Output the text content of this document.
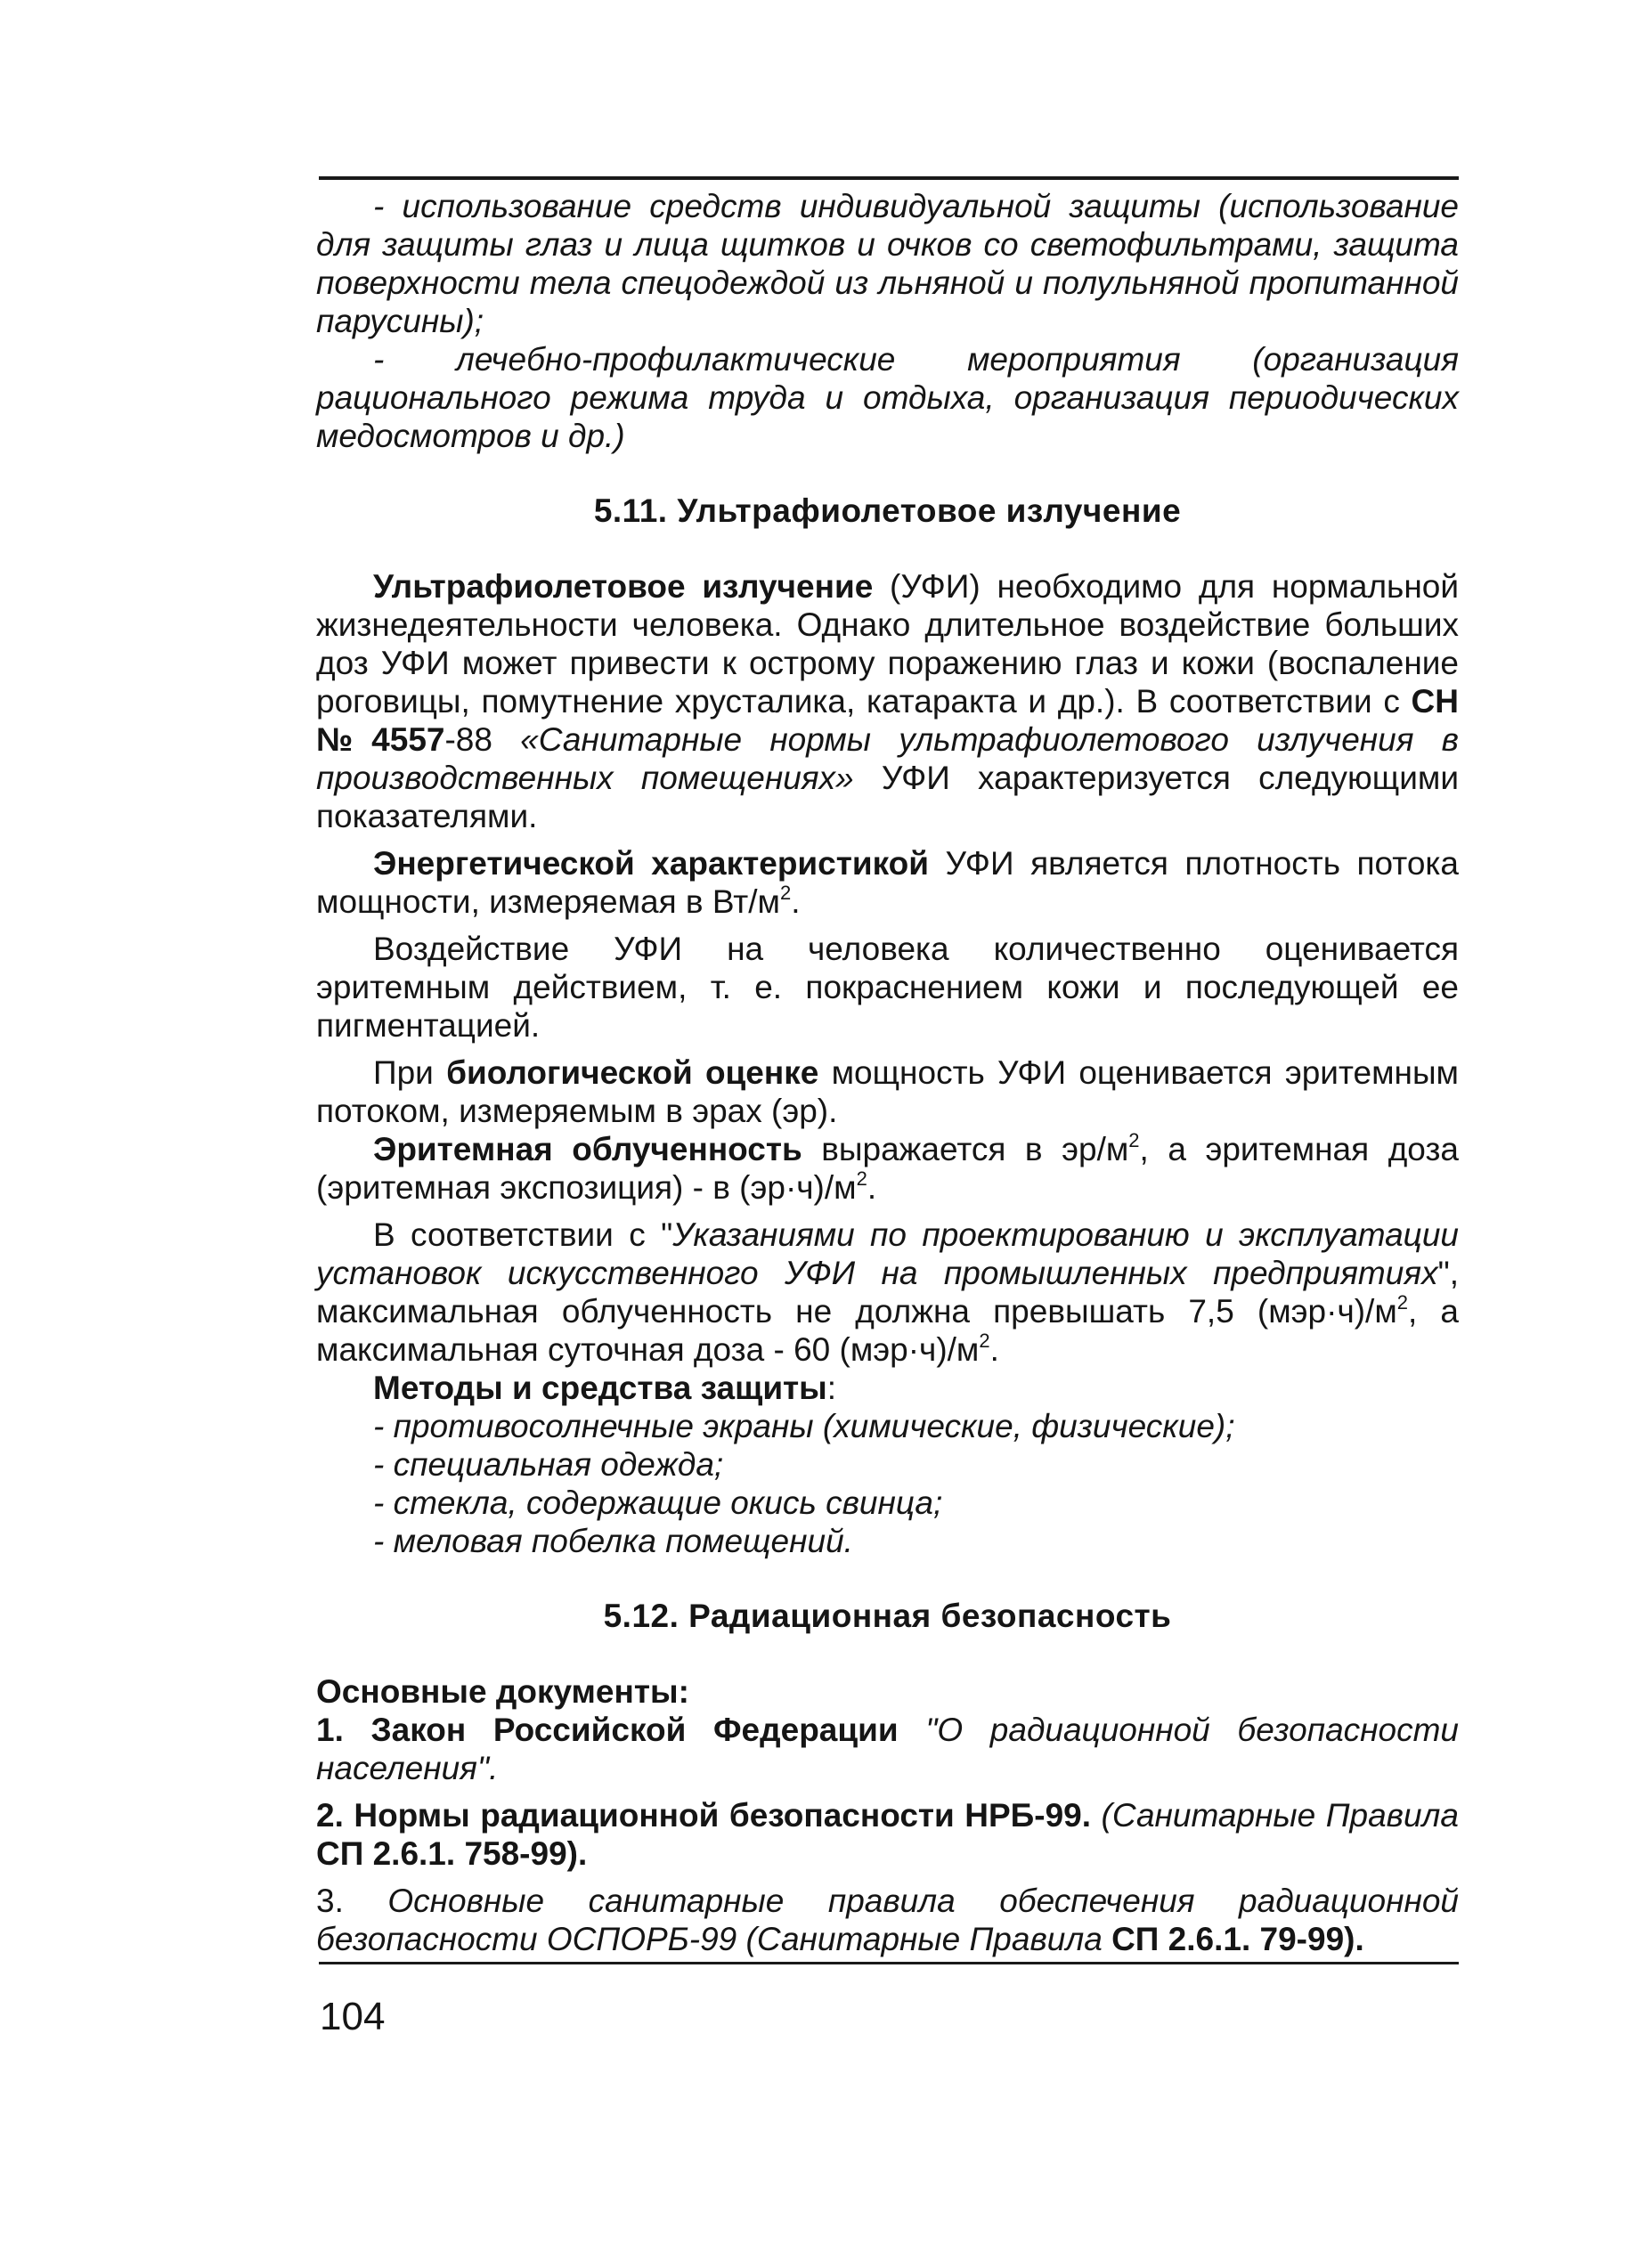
- использование средств индивидуальной защиты (использование для защиты глаз и лица щитков и очков со светофильтрами, защита поверхности тела спецодеждой из льняной и полульняной пропитанной парусины);

- лечебно-профилактические мероприятия (организация рационального режима труда и отдыха, организация периодических медосмотров и др.)

5.11. Ультрафиолетовое излучение

Ультрафиолетовое излучение (УФИ) необходимо для нормальной жизнедеятельности человека. Однако длительное воздействие больших доз УФИ может привести к острому поражению глаз и кожи (воспаление роговицы, помутнение хрусталика, катаракта и др.). В соответствии с СН №4557-88 «Санитарные нормы ультрафиолетового излучения в производственных помещениях» УФИ характеризуется следующими показателями.

Энергетической характеристикой УФИ является плотность потока мощности, измеряемая в $Вт/м^2$.

Воздействие УФИ на человека количественно оценивается эритемным действием, т. е. покраснением кожи и последующей ее пигментацией.

При биологической оценке мощность УФИ оценивается эритемным потоком, измеряемым в эрах (эр).

Эритемная облученность выражается в $эр/м^2$, а эритемная доза (эритемная экспозиция) - в $(эр\cdot ч)/м^2$.

В соответствии с "Указаниями по проектированию и эксплуатации установок искусственного УФИ на промышленных предприятиях", максимальная облученность не должна превышать 7,5 $(мэр\cdot ч)/м^2$, а максимальная суточная доза - 60 $(мэр\cdot ч)/м^2$.

Методы и средства защиты:

- противосолнечные экраны (химические, физические);

- специальная одежда;

- стекла, содержащие окись свинца;

- меловая побелка помещений.

5.12. Радиационная безопасность

Основные документы:

1. Закон Российской Федерации "О радиационной безопасности населения".

2. Нормы радиационной безопасности НРБ-99. (Санитарные Правила СП 2.6.1. 758-99).

3. Основные санитарные правила обеспечения радиационной безопасности ОСПОРБ-99 (Санитарные Правила СП 2.6.1. 79-99).

104
